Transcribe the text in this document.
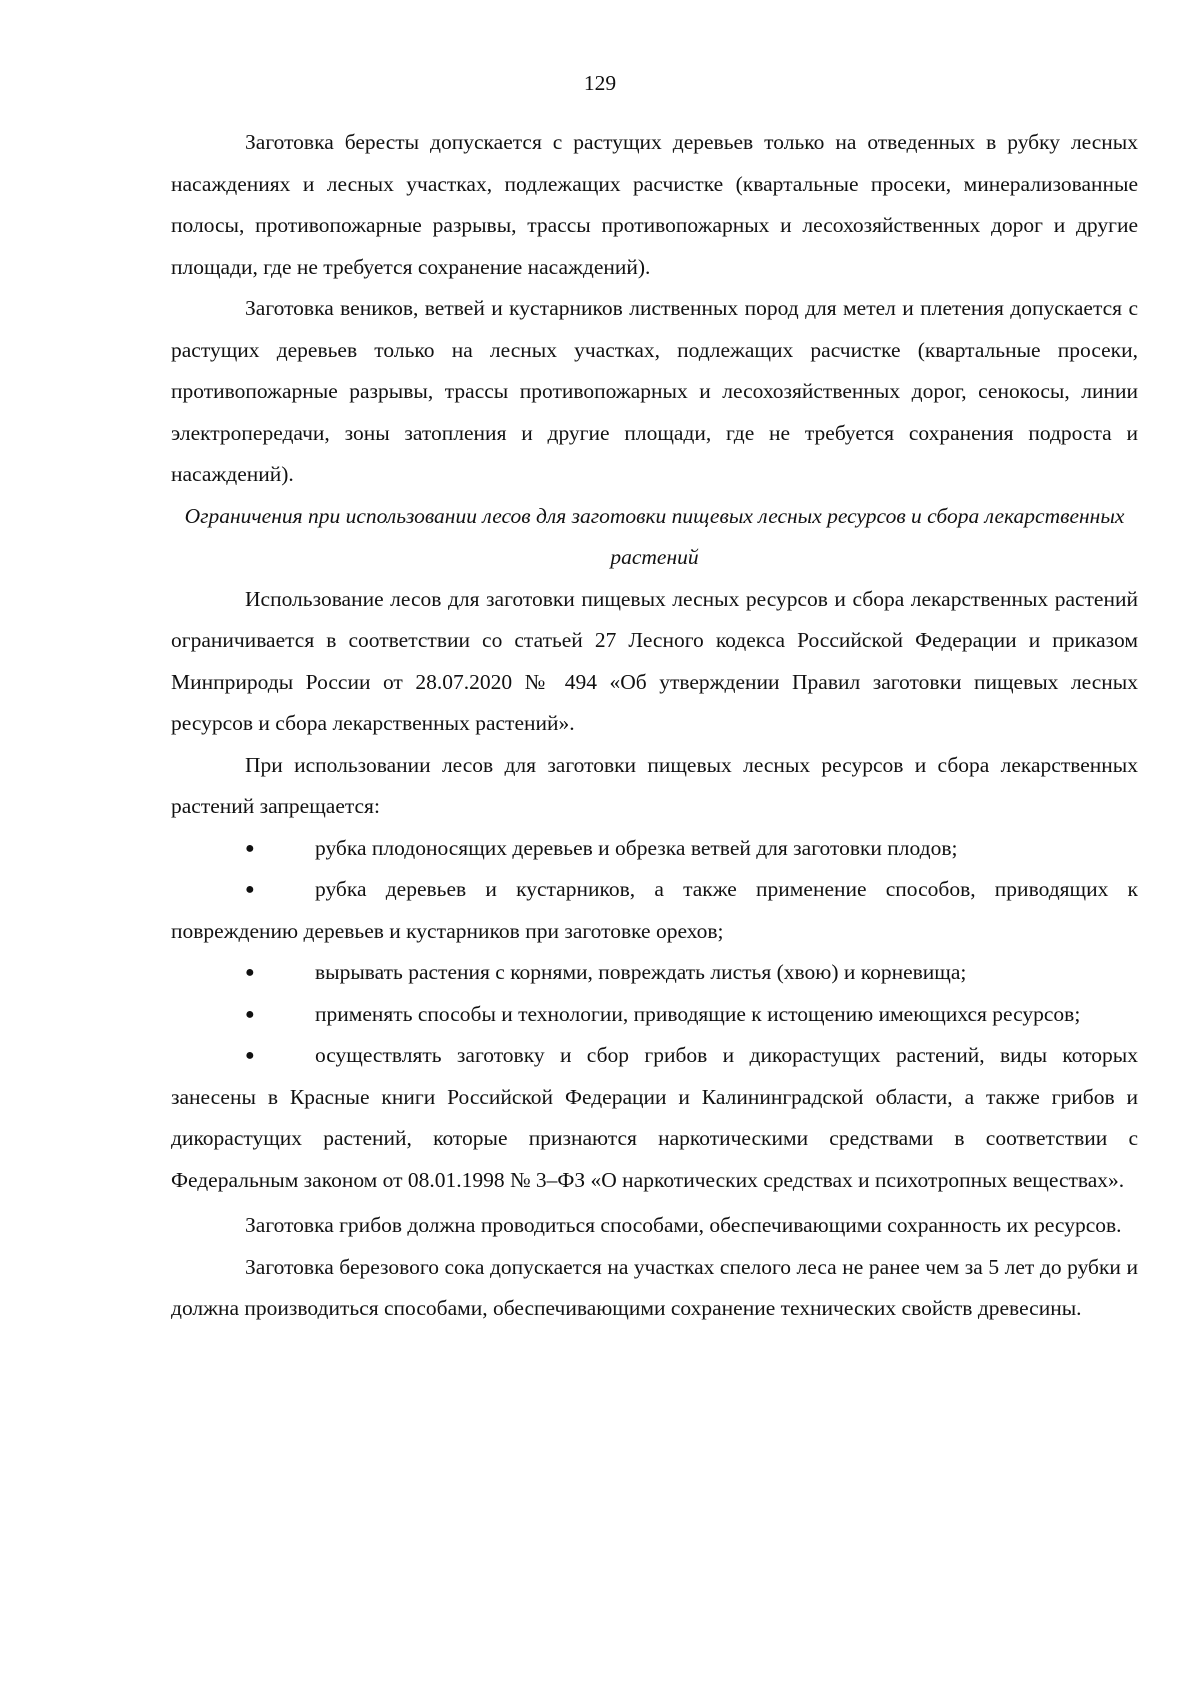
129

Заготовка бересты допускается с растущих деревьев только на отведенных в рубку лесных насаждениях и лесных участках, подлежащих расчистке (квартальные просеки, минерализованные полосы, противопожарные разрывы, трассы противопожарных и лесохозяйственных дорог и другие площади, где не требуется сохранение насаждений).

Заготовка веников, ветвей и кустарников лиственных пород для метел и плетения допускается с растущих деревьев только на лесных участках, подлежащих расчистке (квартальные просеки, противопожарные разрывы, трассы противопожарных и лесохозяйственных дорог, сенокосы, линии электропередачи, зоны затопления и другие площади, где не требуется сохранения подроста и насаждений).

Ограничения при использовании лесов для заготовки пищевых лесных ресурсов и сбора лекарственных растений

Использование лесов для заготовки пищевых лесных ресурсов и сбора лекарственных растений ограничивается в соответствии со статьей 27 Лесного кодекса Российской Федерации и приказом Минприроды России от 28.07.2020 № 494 «Об утверждении Правил заготовки пищевых лесных ресурсов и сбора лекарственных растений».

При использовании лесов для заготовки пищевых лесных ресурсов и сбора лекарственных растений запрещается:

●	рубка плодоносящих деревьев и обрезка ветвей для заготовки плодов;

●	рубка деревьев и кустарников, а также применение способов, приводящих к повреждению деревьев и кустарников при заготовке орехов;

●	вырывать растения с корнями, повреждать листья (хвою) и корневища;

●	применять способы и технологии, приводящие к истощению имеющихся ресурсов;

●	осуществлять заготовку и сбор грибов и дикорастущих растений, виды которых занесены в Красные книги Российской Федерации и Калининградской области, а также грибов и дикорастущих растений, которые признаются наркотическими средствами в соответствии с Федеральным законом от 08.01.1998 № 3–ФЗ «О наркотических средствах и психотропных веществах».

Заготовка грибов должна проводиться способами, обеспечивающими сохранность их ресурсов.

Заготовка березового сока допускается на участках спелого леса не ранее чем за 5 лет до рубки и должна производиться способами, обеспечивающими сохранение технических свойств древесины.
